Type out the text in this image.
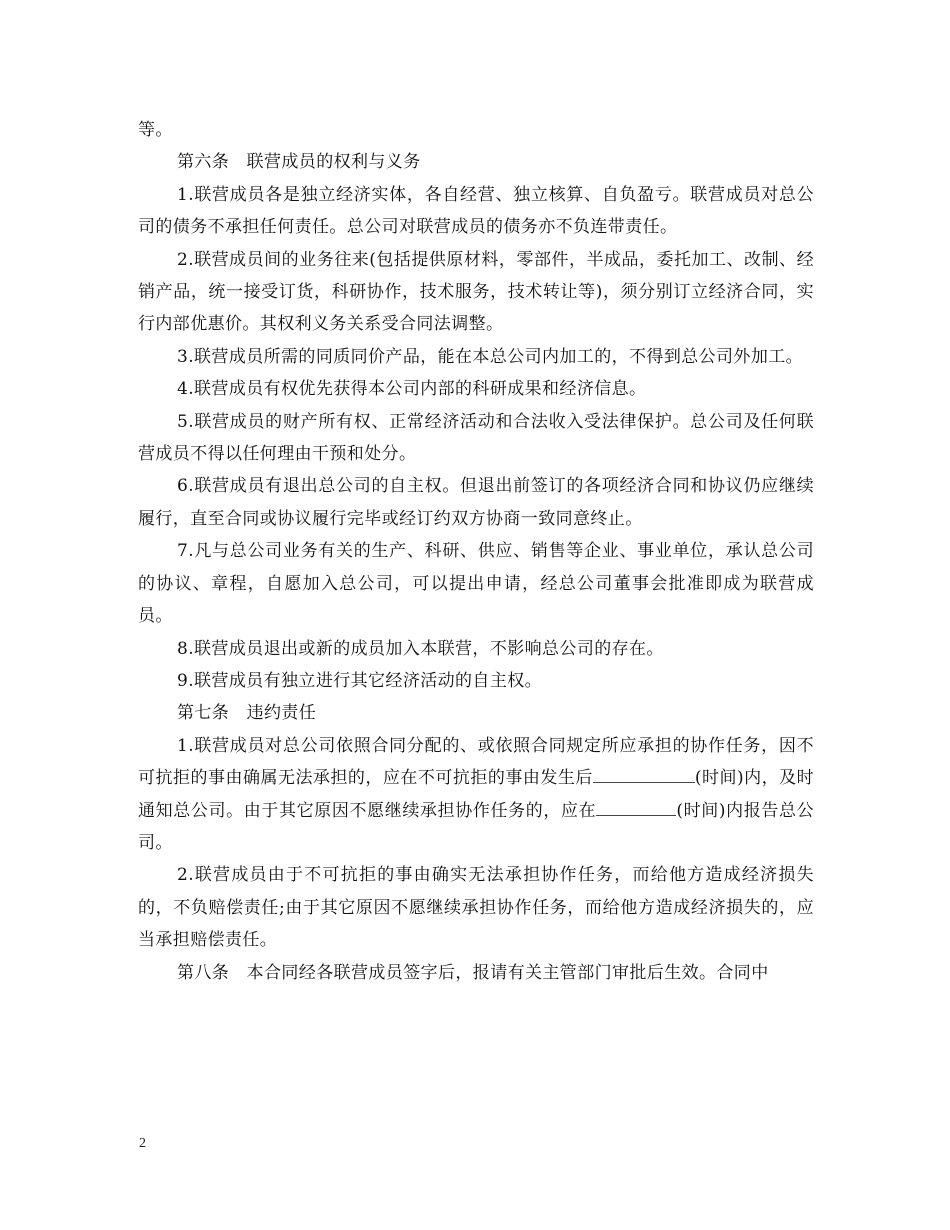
等。

第六条　联营成员的权利与义务

1.联营成员各是独立经济实体，各自经营、独立核算、自负盈亏。联营成员对总公司的债务不承担任何责任。总公司对联营成员的债务亦不负连带责任。

2.联营成员间的业务往来(包括提供原材料，零部件，半成品，委托加工、改制、经销产品，统一接受订货，科研协作，技术服务，技术转让等)，须分别订立经济合同，实行内部优惠价。其权利义务关系受合同法调整。

3.联营成员所需的同质同价产品，能在本总公司内加工的，不得到总公司外加工。

4.联营成员有权优先获得本公司内部的科研成果和经济信息。

5.联营成员的财产所有权、正常经济活动和合法收入受法律保护。总公司及任何联营成员不得以任何理由干预和处分。

6.联营成员有退出总公司的自主权。但退出前签订的各项经济合同和协议仍应继续履行，直至合同或协议履行完毕或经订约双方协商一致同意终止。

7.凡与总公司业务有关的生产、科研、供应、销售等企业、事业单位，承认总公司的协议、章程，自愿加入总公司，可以提出申请，经总公司董事会批准即成为联营成员。

8.联营成员退出或新的成员加入本联营，不影响总公司的存在。

9.联营成员有独立进行其它经济活动的自主权。

第七条　违约责任

1.联营成员对总公司依照合同分配的、或依照合同规定所应承担的协作任务，因不可抗拒的事由确属无法承担的，应在不可抗拒的事由发生后	(时间)内，及时通知总公司。由于其它原因不愿继续承担协作任务的，应在	(时间)内报告总公司。

2.联营成员由于不可抗拒的事由确实无法承担协作任务，而给他方造成经济损失的，不负赔偿责任;由于其它原因不愿继续承担协作任务，而给他方造成经济损失的，应当承担赔偿责任。

第八条　本合同经各联营成员签字后，报请有关主管部门审批后生效。合同中

2
